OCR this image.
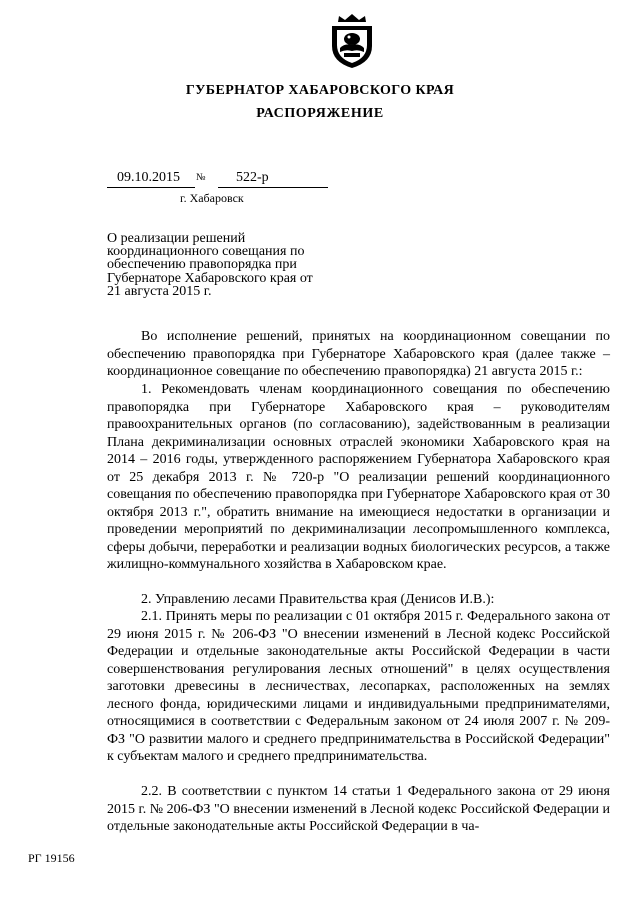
ГУБЕРНАТОР ХАБАРОВСКОГО КРАЯ
РАСПОРЯЖЕНИЕ
09.10.2015	№	522-р
г. Хабаровск
О реализации решений координационного совещания по обеспечению правопорядка при Губернаторе Хабаровского края от 21 августа 2015 г.

Во исполнение решений, принятых на координационном совещании по обеспечению правопорядка при Губернаторе Хабаровского края (далее также – координационное совещание по обеспечению правопорядка) 21 августа 2015 г.:

1. Рекомендовать членам координационного совещания по обеспечению правопорядка при Губернаторе Хабаровского края – руководителям правоохранительных органов (по согласованию), задействованным в реализации Плана декриминализации основных отраслей экономики Хабаровского края на 2014 – 2016 годы, утвержденного распоряжением Губернатора Хабаровского края от 25 декабря 2013 г. № 720-р "О реализации решений координационного совещания по обеспечению правопорядка при Губернаторе Хабаровского края от 30 октября 2013 г.", обратить внимание на имеющиеся недостатки в организации и проведении мероприятий по декриминализации лесопромышленного комплекса, сферы добычи, переработки и реализации водных биологических ресурсов, а также жилищно-коммунального хозяйства в Хабаровском крае.

2. Управлению лесами Правительства края (Денисов И.В.):

2.1. Принять меры по реализации с 01 октября 2015 г. Федерального закона от 29 июня 2015 г. № 206-ФЗ "О внесении изменений в Лесной кодекс Российской Федерации и отдельные законодательные акты Российской Федерации в части совершенствования регулирования лесных отношений" в целях осуществления заготовки древесины в лесничествах, лесопарках, расположенных на землях лесного фонда, юридическими лицами и индивидуальными предпринимателями, относящимися в соответствии с Федеральным законом от 24 июля 2007 г. № 209-ФЗ "О развитии малого и среднего предпринимательства в Российской Федерации" к субъектам малого и среднего предпринимательства.

2.2. В соответствии с пунктом 14 статьи 1 Федерального закона от 29 июня 2015 г. № 206-ФЗ "О внесении изменений в Лесной кодекс Российской Федерации и отдельные законодательные акты Российской Федерации в ча-

РГ 19156
